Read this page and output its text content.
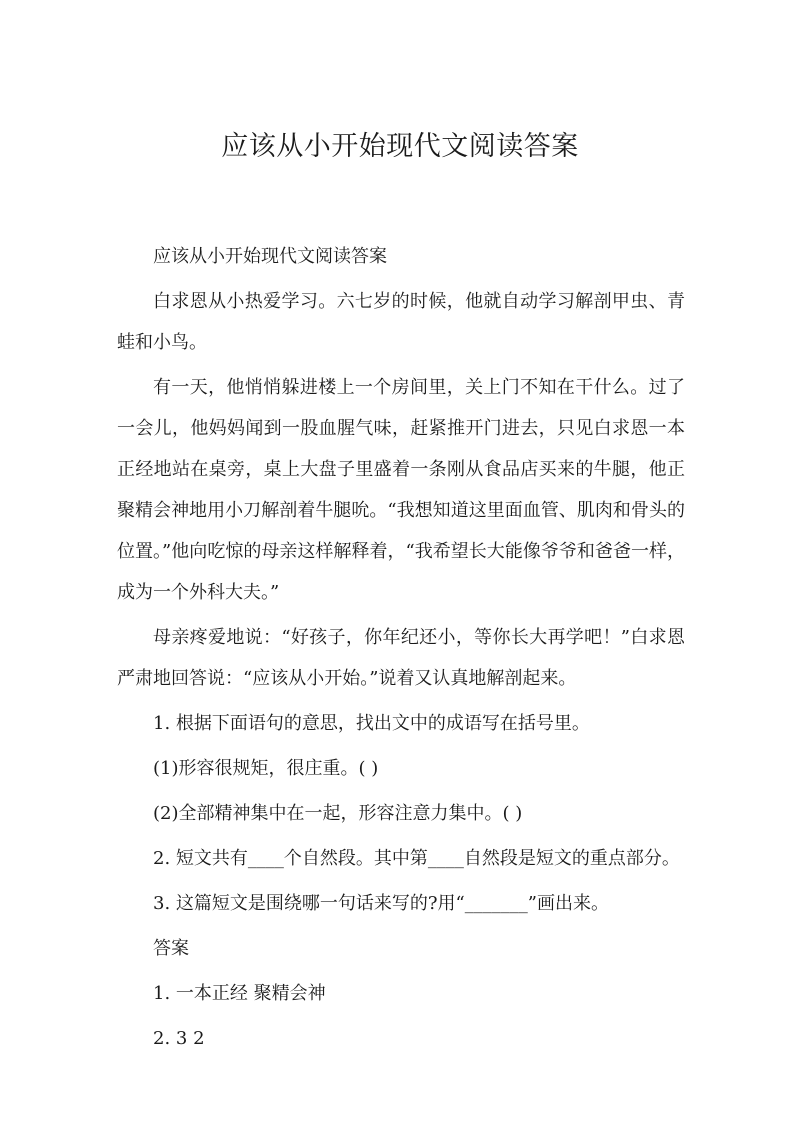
应该从小开始现代文阅读答案

应该从小开始现代文阅读答案

白求恩从小热爱学习。六七岁的时候，他就自动学习解剖甲虫、青蛙和小鸟。

有一天，他悄悄躲进楼上一个房间里，关上门不知在干什么。过了一会儿，他妈妈闻到一股血腥气味，赶紧推开门进去，只见白求恩一本正经地站在桌旁，桌上大盘子里盛着一条刚从食品店买来的牛腿，他正聚精会神地用小刀解剖着牛腿吮。“我想知道这里面血管、肌肉和骨头的位置。”他向吃惊的母亲这样解释着，“我希望长大能像爷爷和爸爸一样，成为一个外科大夫。”

母亲疼爱地说：“好孩子，你年纪还小，等你长大再学吧！”白求恩严肃地回答说：“应该从小开始。”说着又认真地解剖起来。

1. 根据下面语句的意思，找出文中的成语写在括号里。

(1)形容很规矩，很庄重。( )

(2)全部精神集中在一起，形容注意力集中。( )

2. 短文共有____个自然段。其中第____自然段是短文的重点部分。

3. 这篇短文是围绕哪一句话来写的?用“_______”画出来。

答案

1. 一本正经 聚精会神

2. 3 2
